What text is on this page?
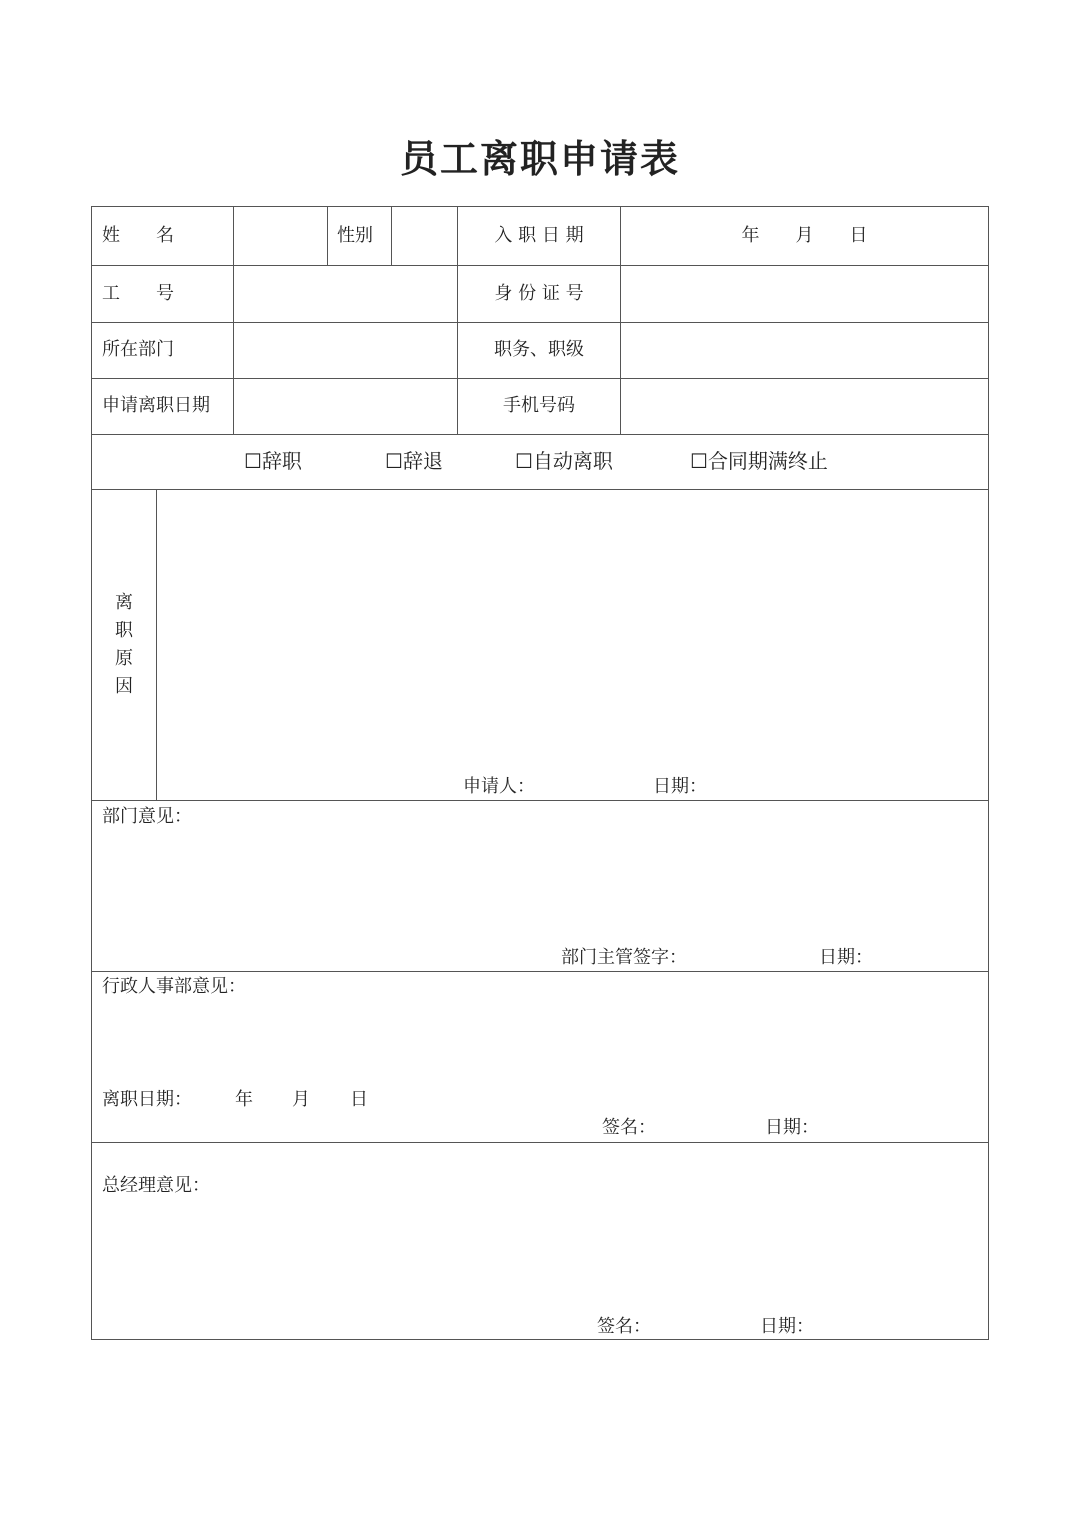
员工离职申请表
姓　　名	性别	入 职 日 期	年　　月　　日
工　　号	身 份 证 号
所在部门	职务、职级
申请离职日期	手机号码
☐辞职	☐辞退	☐自动离职	☐合同期满终止
离
职
原
因
申请人：	日期：
部门意见：
部门主管签字：	日期：
行政人事部意见：
离职日期： 年 月 日
签名：	日期：
总经理意见：
签名：	日期：
